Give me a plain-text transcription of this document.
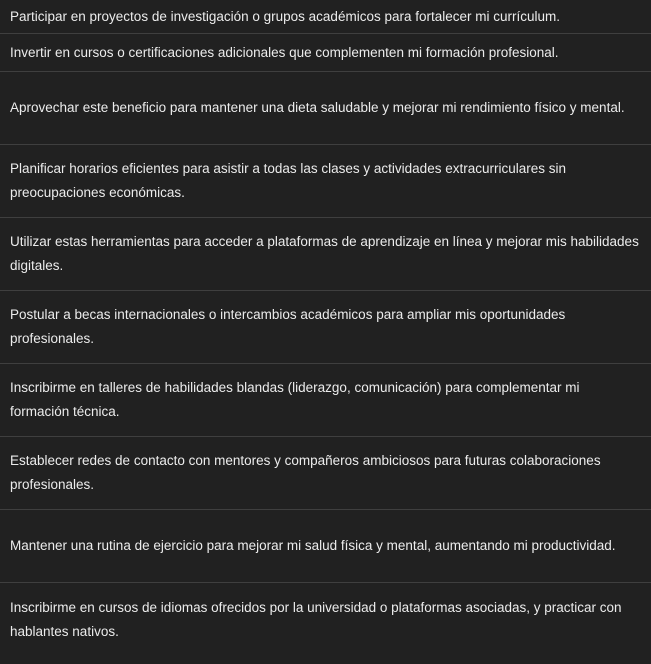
Participar en proyectos de investigación o grupos académicos para fortalecer mi currículum.
Invertir en cursos o certificaciones adicionales que complementen mi formación profesional.
Aprovechar este beneficio para mantener una dieta saludable y mejorar mi rendimiento físico y mental.
Planificar horarios eficientes para asistir a todas las clases y actividades extracurriculares sin preocupaciones económicas.
Utilizar estas herramientas para acceder a plataformas de aprendizaje en línea y mejorar mis habilidades digitales.
Postular a becas internacionales o intercambios académicos para ampliar mis oportunidades profesionales.
Inscribirme en talleres de habilidades blandas (liderazgo, comunicación) para complementar mi formación técnica.
Establecer redes de contacto con mentores y compañeros ambiciosos para futuras colaboraciones profesionales.
Mantener una rutina de ejercicio para mejorar mi salud física y mental, aumentando mi productividad.
Inscribirme en cursos de idiomas ofrecidos por la universidad o plataformas asociadas, y practicar con hablantes nativos.
